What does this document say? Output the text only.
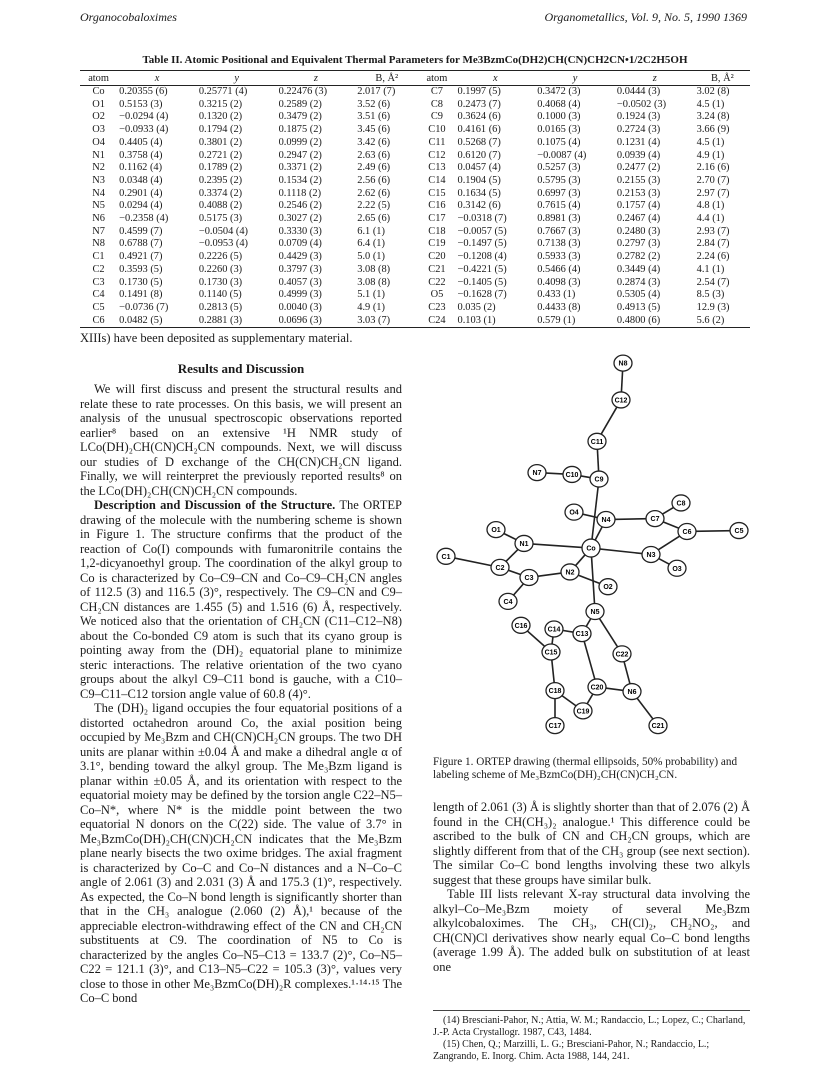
Organocobaloximes	Organometallics, Vol. 9, No. 5, 1990 1369
Table II. Atomic Positional and Equivalent Thermal Parameters for Me3BzmCo(DH2)CH(CN)CH2CN•1/2C2H5OH
atom	x	y	z	B, Å²	atom	x	y	z	B, Å²
Co	0.20355 (6)	0.25771 (4)	0.22476 (3)	2.017 (7)	C7	0.1997 (5)	0.3472 (3)	0.0444 (3)	3.02 (8)
O1	0.5153 (3)	0.3215 (2)	0.2589 (2)	3.52 (6)	C8	0.2473 (7)	0.4068 (4)	−0.0502 (3)	4.5 (1)
O2	−0.0294 (4)	0.1320 (2)	0.3479 (2)	3.51 (6)	C9	0.3624 (6)	0.1000 (3)	0.1924 (3)	3.24 (8)
O3	−0.0933 (4)	0.1794 (2)	0.1875 (2)	3.45 (6)	C10	0.4161 (6)	0.0165 (3)	0.2724 (3)	3.66 (9)
O4	0.4405 (4)	0.3801 (2)	0.0999 (2)	3.42 (6)	C11	0.5268 (7)	0.1075 (4)	0.1231 (4)	4.5 (1)
N1	0.3758 (4)	0.2721 (2)	0.2947 (2)	2.63 (6)	C12	0.6120 (7)	−0.0087 (4)	0.0939 (4)	4.9 (1)
N2	0.1162 (4)	0.1789 (2)	0.3371 (2)	2.49 (6)	C13	0.0457 (4)	0.5257 (3)	0.2477 (2)	2.16 (6)
N3	0.0348 (4)	0.2395 (2)	0.1534 (2)	2.56 (6)	C14	0.1904 (5)	0.5795 (3)	0.2155 (3)	2.70 (7)
N4	0.2901 (4)	0.3374 (2)	0.1118 (2)	2.62 (6)	C15	0.1634 (5)	0.6997 (3)	0.2153 (3)	2.97 (7)
N5	0.0294 (4)	0.4088 (2)	0.2546 (2)	2.22 (5)	C16	0.3142 (6)	0.7615 (4)	0.1757 (4)	4.8 (1)
N6	−0.2358 (4)	0.5175 (3)	0.3027 (2)	2.65 (6)	C17	−0.0318 (7)	0.8981 (3)	0.2467 (4)	4.4 (1)
N7	0.4599 (7)	−0.0504 (4)	0.3330 (3)	6.1 (1)	C18	−0.0057 (5)	0.7667 (3)	0.2480 (3)	2.93 (7)
N8	0.6788 (7)	−0.0953 (4)	0.0709 (4)	6.4 (1)	C19	−0.1497 (5)	0.7138 (3)	0.2797 (3)	2.84 (7)
C1	0.4921 (7)	0.2226 (5)	0.4429 (3)	5.0 (1)	C20	−0.1208 (4)	0.5933 (3)	0.2782 (2)	2.24 (6)
C2	0.3593 (5)	0.2260 (3)	0.3797 (3)	3.08 (8)	C21	−0.4221 (5)	0.5466 (4)	0.3449 (4)	4.1 (1)
C3	0.1730 (5)	0.1730 (3)	0.4057 (3)	3.08 (8)	C22	−0.1405 (5)	0.4098 (3)	0.2874 (3)	2.54 (7)
C4	0.1491 (8)	0.1140 (5)	0.4999 (3)	5.1 (1)	O5	−0.1628 (7)	0.433 (1)	0.5305 (4)	8.5 (3)
C5	−0.0736 (7)	0.2813 (5)	0.0040 (3)	4.9 (1)	C23	0.035 (2)	0.4433 (8)	0.4913 (5)	12.9 (3)
C6	0.0482 (5)	0.2881 (3)	0.0696 (3)	3.03 (7)	C24	0.103 (1)	0.579 (1)	0.4800 (6)	5.6 (2)

XIIIs) have been deposited as supplementary material.

Results and Discussion

We will first discuss and present the structural results and relate these to rate processes. On this basis, we will present an analysis of the unusual spectroscopic observations reported earlier⁸ based on an extensive ¹H NMR study of LCo(DH)₂CH(CN)CH₂CN compounds. Next, we will discuss our studies of D exchange of the CH(CN)CH₂CN ligand. Finally, we will reinterpret the previously reported results⁸ on the LCo(DH)₂CH(CN)CH₂CN compounds.

Description and Discussion of the Structure. The ORTEP drawing of the molecule with the numbering scheme is shown in Figure 1. The structure confirms that the product of the reaction of Co(I) compounds with fumaronitrile contains the 1,2-dicyanoethyl group. The coordination of the alkyl group to Co is characterized by Co–C9–CN and Co–C9–CH₂CN angles of 112.5 (3) and 116.5 (3)°, respectively. The C9–CN and C9–CH₂CN distances are 1.455 (5) and 1.516 (6) Å, respectively. We noticed also that the orientation of CH₂CN (C11–C12–N8) about the Co-bonded C9 atom is such that its cyano group is pointing away from the (DH)₂ equatorial plane to minimize steric interactions. The relative orientation of the two cyano groups about the alkyl C9–C11 bond is gauche, with a C10–C9–C11–C12 torsion angle value of 60.8 (4)°.

The (DH)₂ ligand occupies the four equatorial positions of a distorted octahedron around Co, the axial position being occupied by Me₃Bzm and CH(CN)CH₂CN groups. The two DH units are planar within ±0.04 Å and make a dihedral angle α of 3.1°, bending toward the alkyl group. The Me₃Bzm ligand is planar within ±0.05 Å, and its orientation with respect to the equatorial moiety may be defined by the torsion angle C22–N5–Co–N*, where N* is the middle point between the two equatorial N donors on the C(22) side. The value of 3.7° in Me₃BzmCo(DH)₂CH(CN)CH₂CN indicates that the Me₃Bzm plane nearly bisects the two oxime bridges. The axial fragment is characterized by Co–C and Co–N distances and a N–Co–C angle of 2.061 (3) and 2.031 (3) Å and 175.3 (1)°, respectively. As expected, the Co–N bond length is significantly shorter than that in the CH₃ analogue (2.060 (2) Å),¹ because of the appreciable electron-withdrawing effect of the CN and CH₂CN substituents at C9. The coordination of N5 to Co is characterized by the angles Co–N5–C13 = 133.7 (2)°, Co–N5–C22 = 121.1 (3)°, and C13–N5–C22 = 105.3 (3)°, values very close to those in other Me₃BzmCo(DH)₂R complexes.¹·¹⁴·¹⁵ The Co–C bond

N8
C12
C11
N7	C10
C9
O4
C8
N4	C7
C6	C5
O1
N1
Co
N3
O3
C1
C2
C3
N2
O2
C4
N5
C16
C14
C13
C22
C15
C20
N6
C18
C19
C17	C21
Figure 1. ORTEP drawing (thermal ellipsoids, 50% probability) and labeling scheme of Me₃BzmCo(DH)₂CH(CN)CH₂CN.

length of 2.061 (3) Å is slightly shorter than that of 2.076 (2) Å found in the CH(CH₃)₂ analogue.¹ This difference could be ascribed to the bulk of CN and CH₂CN groups, which are slightly different from that of the CH₃ group (see next section). The similar Co–C bond lengths involving these two alkyls suggest that these groups have similar bulk.

Table III lists relevant X-ray structural data involving the alkyl–Co–Me₃Bzm moiety of several Me₃Bzm alkylcobaloximes. The CH₃, CH(Cl)₂, CH₂NO₂, and CH(CN)Cl derivatives show nearly equal Co–C bond lengths (average 1.99 Å). The added bulk on substitution of at least one

(14) Bresciani-Pahor, N.; Attia, W. M.; Randaccio, L.; Lopez, C.; Charland, J.-P. Acta Crystallogr. 1987, C43, 1484.

(15) Chen, Q.; Marzilli, L. G.; Bresciani-Pahor, N.; Randaccio, L.; Zangrando, E. Inorg. Chim. Acta 1988, 144, 241.
